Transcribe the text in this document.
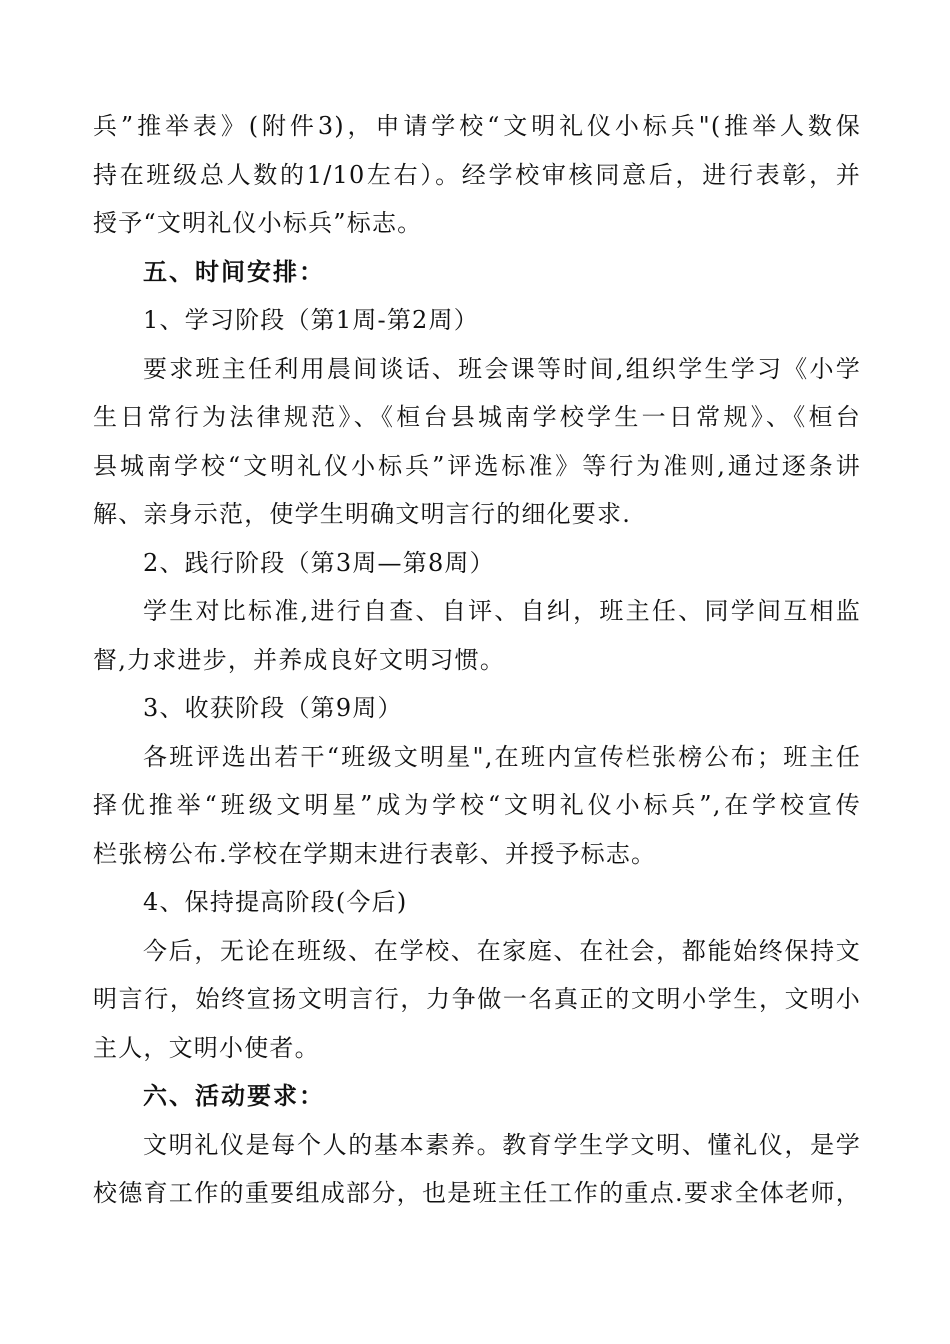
兵”推举表》(附件3)，申请学校“文明礼仪小标兵"(推举人数保
持在班级总人数的1/10左右）。经学校审核同意后，进行表彰，并
授予“文明礼仪小标兵”标志。
五、时间安排：
1、学习阶段（第1周-第2周）
要求班主任利用晨间谈话、班会课等时间,组织学生学习《小学
生日常行为法律规范》、《桓台县城南学校学生一日常规》、《桓台
县城南学校“文明礼仪小标兵”评选标准》等行为准则,通过逐条讲
解、亲身示范，使学生明确文明言行的细化要求.
2、践行阶段（第3周—第8周）
学生对比标准,进行自查、自评、自纠，班主任、同学间互相监
督,力求进步，并养成良好文明习惯。
3、收获阶段（第9周）
各班评选出若干“班级文明星",在班内宣传栏张榜公布；班主任
择优推举“班级文明星”成为学校“文明礼仪小标兵”,在学校宣传
栏张榜公布.学校在学期末进行表彰、并授予标志。
4、保持提高阶段(今后)
今后，无论在班级、在学校、在家庭、在社会，都能始终保持文
明言行，始终宣扬文明言行，力争做一名真正的文明小学生，文明小
主人，文明小使者。
六、活动要求：
文明礼仪是每个人的基本素养。教育学生学文明、懂礼仪，是学
校德育工作的重要组成部分，也是班主任工作的重点.要求全体老师，
